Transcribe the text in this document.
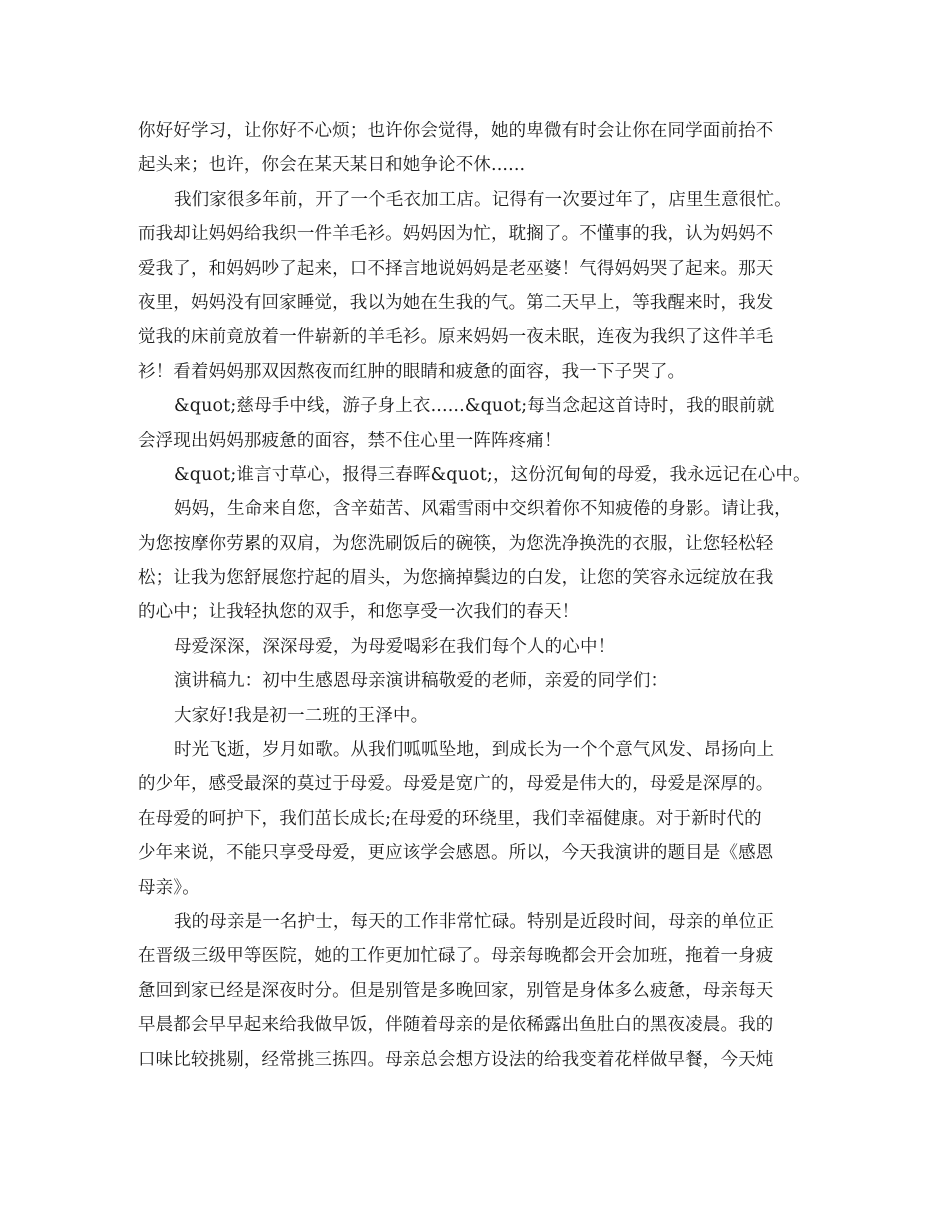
你好好学习，让你好不心烦；也许你会觉得，她的卑微有时会让你在同学面前抬不
起头来；也许，你会在某天某日和她争论不休......
我们家很多年前，开了一个毛衣加工店。记得有一次要过年了，店里生意很忙。
而我却让妈妈给我织一件羊毛衫。妈妈因为忙，耽搁了。不懂事的我，认为妈妈不
爱我了，和妈妈吵了起来，口不择言地说妈妈是老巫婆！气得妈妈哭了起来。那天
夜里，妈妈没有回家睡觉，我以为她在生我的气。第二天早上，等我醒来时，我发
觉我的床前竟放着一件崭新的羊毛衫。原来妈妈一夜未眠，连夜为我织了这件羊毛
衫！看着妈妈那双因熬夜而红肿的眼睛和疲惫的面容，我一下子哭了。
&quot;慈母手中线，游子身上衣......&quot;每当念起这首诗时，我的眼前就
会浮现出妈妈那疲惫的面容，禁不住心里一阵阵疼痛！
&quot;谁言寸草心，报得三春晖&quot;，这份沉甸甸的母爱，我永远记在心中。
妈妈，生命来自您，含辛茹苦、风霜雪雨中交织着你不知疲倦的身影。请让我，
为您按摩你劳累的双肩，为您洗刷饭后的碗筷，为您洗净换洗的衣服，让您轻松轻
松；让我为您舒展您拧起的眉头，为您摘掉鬓边的白发，让您的笑容永远绽放在我
的心中；让我轻执您的双手，和您享受一次我们的春天！
母爱深深，深深母爱，为母爱喝彩在我们每个人的心中！
演讲稿九：初中生感恩母亲演讲稿敬爱的老师，亲爱的同学们：
大家好!我是初一二班的王泽中。
时光飞逝，岁月如歌。从我们呱呱坠地，到成长为一个个意气风发、昂扬向上
的少年，感受最深的莫过于母爱。母爱是宽广的，母爱是伟大的，母爱是深厚的。
在母爱的呵护下，我们茁长成长;在母爱的环绕里，我们幸福健康。对于新时代的
少年来说，不能只享受母爱，更应该学会感恩。所以，今天我演讲的题目是《感恩
母亲》。
我的母亲是一名护士，每天的工作非常忙碌。特别是近段时间，母亲的单位正
在晋级三级甲等医院，她的工作更加忙碌了。母亲每晚都会开会加班，拖着一身疲
惫回到家已经是深夜时分。但是别管是多晚回家，别管是身体多么疲惫，母亲每天
早晨都会早早起来给我做早饭，伴随着母亲的是依稀露出鱼肚白的黑夜凌晨。我的
口味比较挑剔，经常挑三拣四。母亲总会想方设法的给我变着花样做早餐，今天炖
